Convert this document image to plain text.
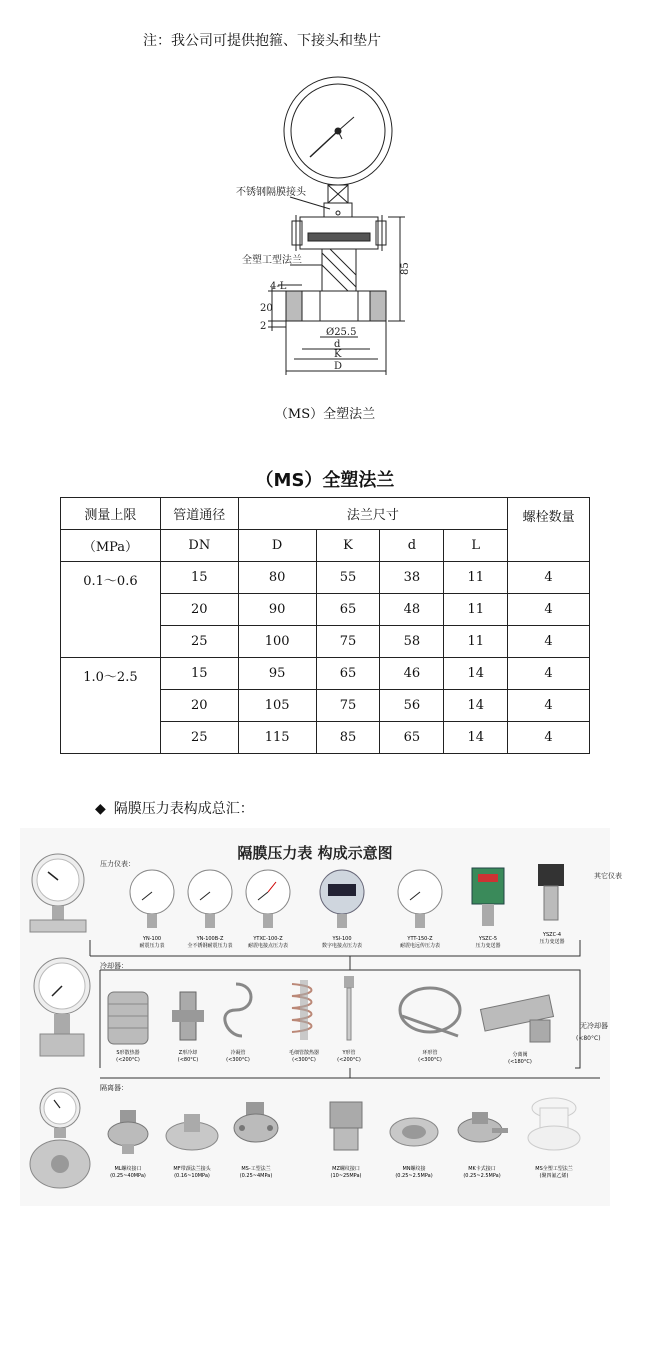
注：我公司可提供抱箍、下接头和垫片
不锈钢隔膜接头
全塑工型法兰
85
4-L
20
2
Ø25.5
d
K
D
（MS）全塑法兰
（MS）全塑法兰
测量上限	管道通径	法兰尺寸				螺栓数量
（MPa）	DN	D	K	d	L	
0.1～0.6	15	80	55	38	11	4
	20	90	65	48	11	4
	25	100	75	58	11	4
1.0～2.5	15	95	65	46	14	4
	20	105	75	56	14	4
	25	115	85	65	14	4
◆ 隔膜压力表构成总汇：
隔膜压力表 构成示意图
压力仪表：
冷却器：
隔离器：
其它仪表
无冷却器
(<80°C)
YN-100
耐震压力表
YN-100B-Z
全不锈钢耐震压力表
YTXC-100-Z
耐震电接点压力表
YSI-100
数字电接点压力表
YTT-150-Z
耐震电远传压力表
YSZC-5
压力变送器
YSZC-4
压力变送器
S形散热器
(<200°C)
Z形冷却
(<80°C)
冷凝管
(<300°C)
毛细管散热器
(<300°C)
Y形管
(<200°C)
环形管
(<300°C)
分离阀
(<180°C)
ML螺纹接口
(0.25~40MPa)
MF带颈法兰接头
(0.16~10MPa)
MS-工型法兰
(0.25~4MPa)
MZ螺纹接口
(10~25MPa)
MN螺纹接
(0.25~2.5MPa)
MK卡式接口
(0.25~2.5MPa)
MS全塑工型法兰
(聚四氟乙烯)
